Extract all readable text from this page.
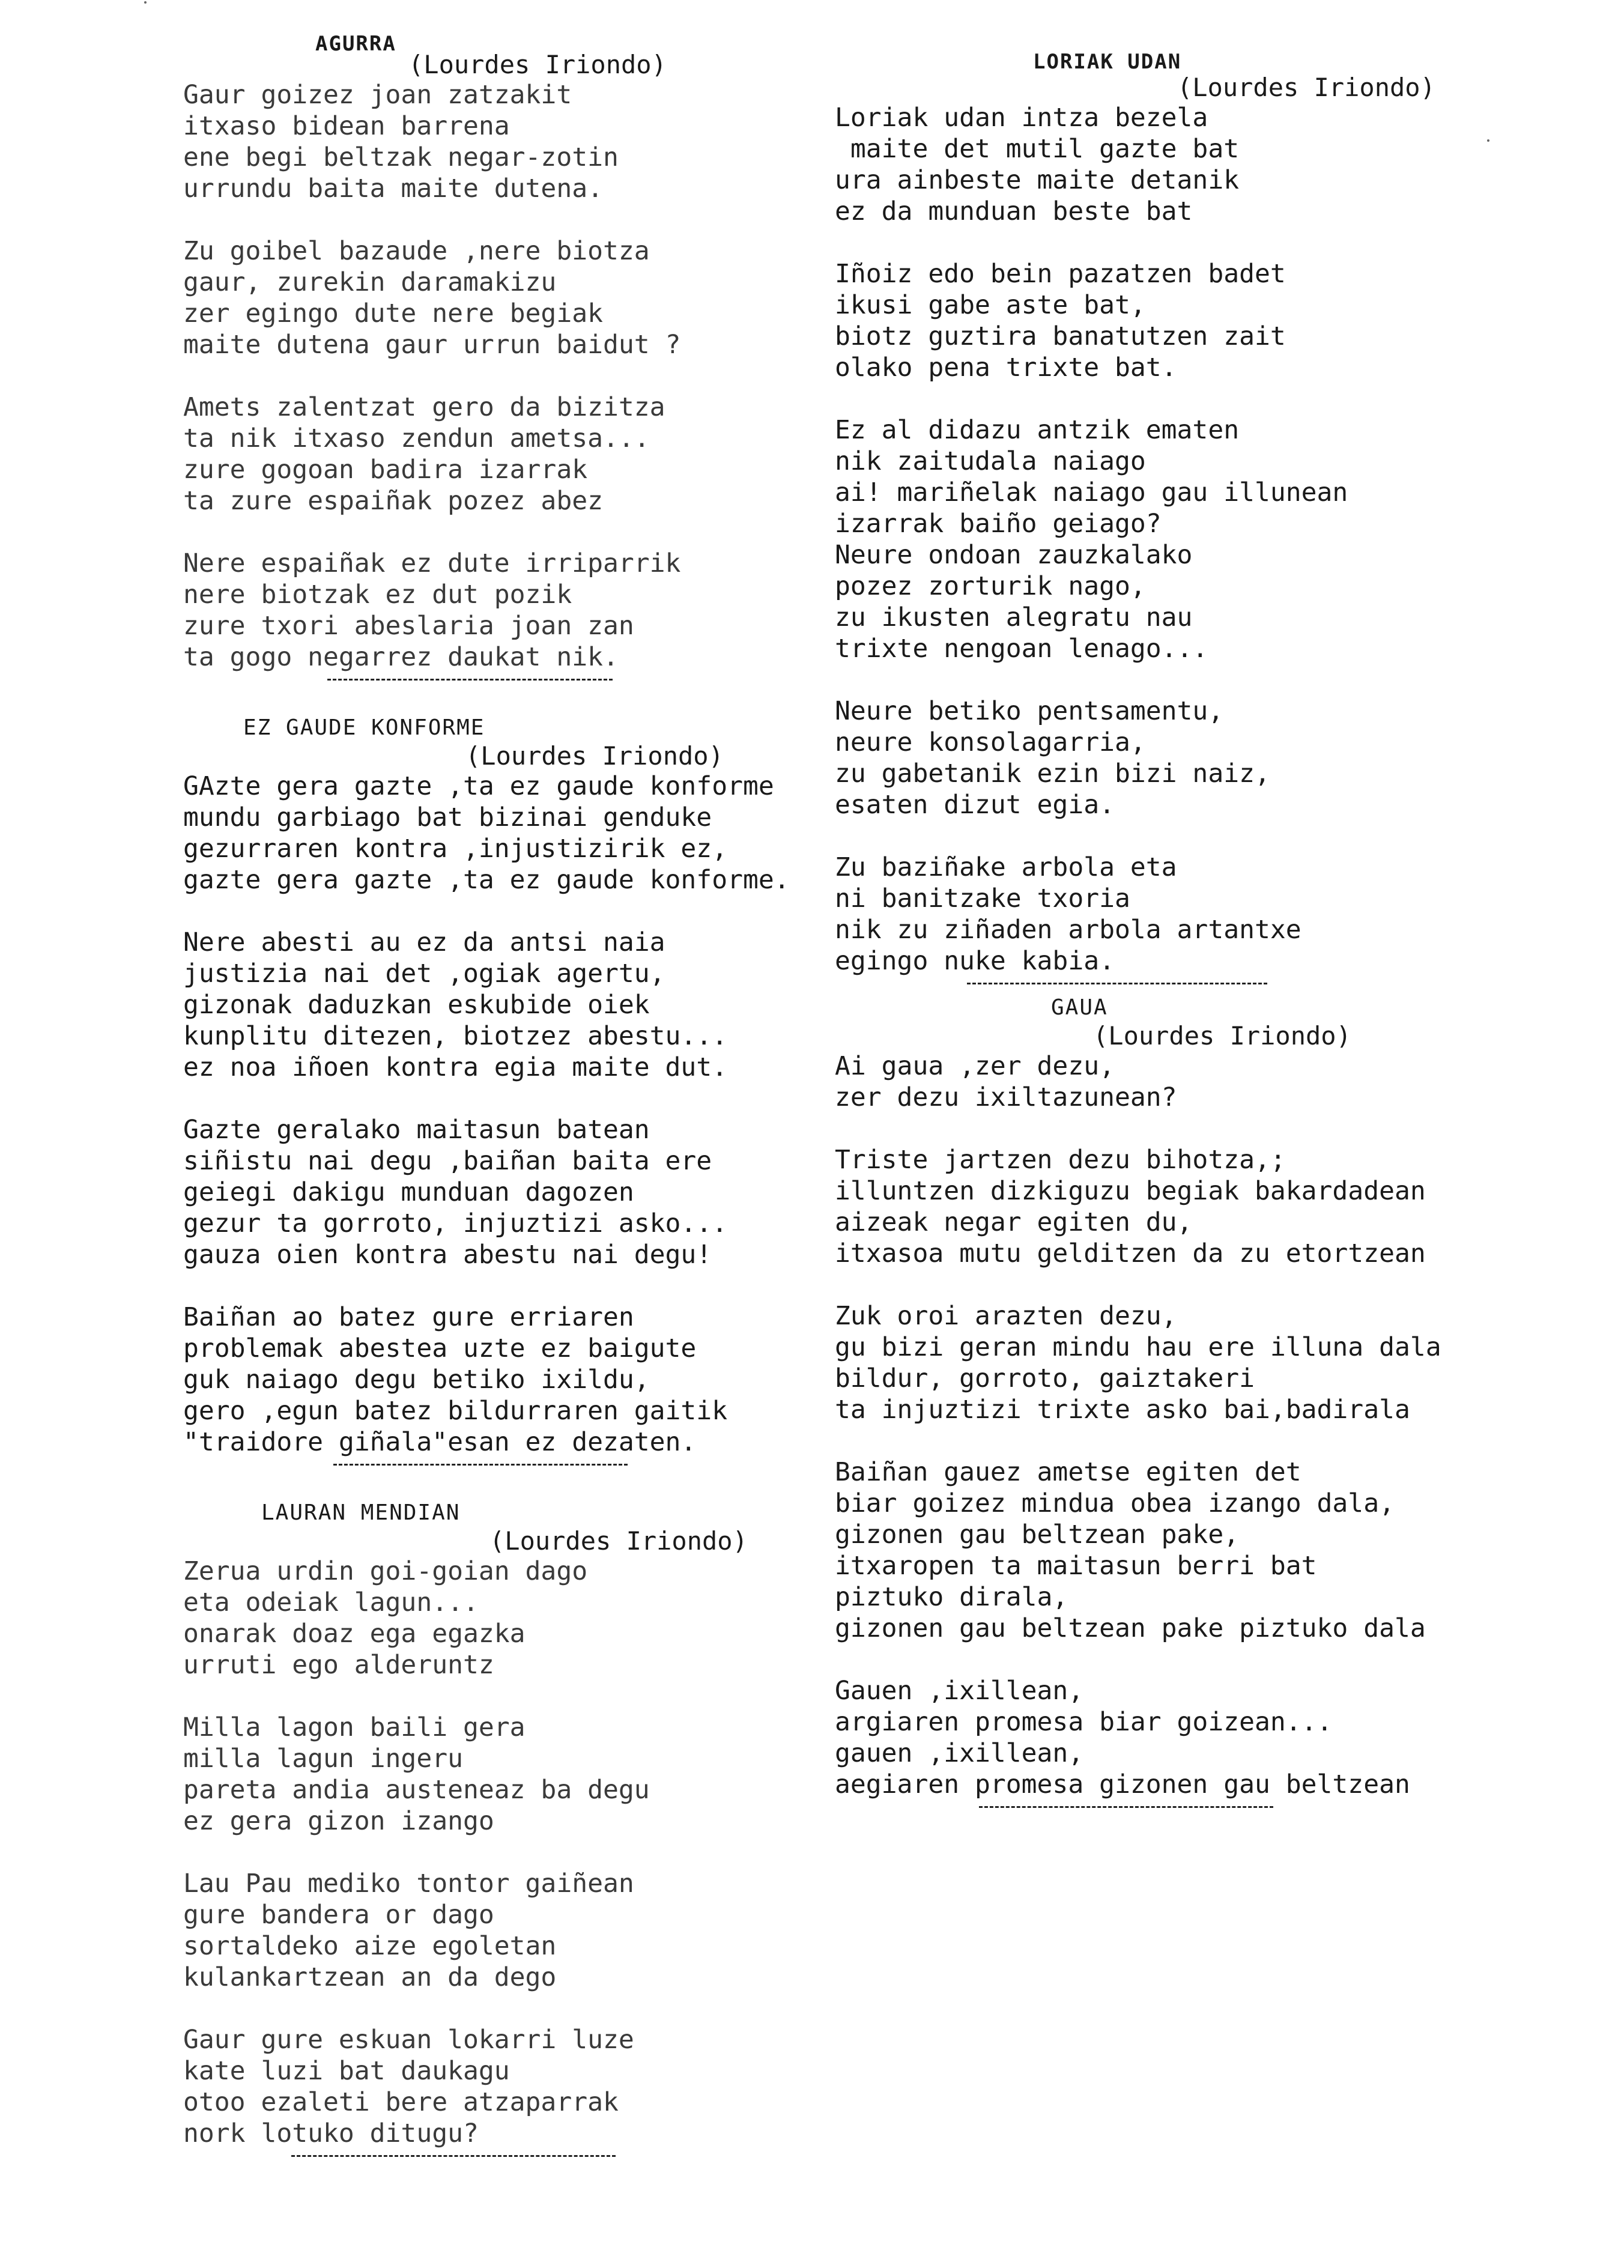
AGURRA
(Lourdes Iriondo)
Gaur goizez joan zatzakit
itxaso bidean barrena
ene begi beltzak negar-zotin
urrundu baita maite dutena.
Zu goibel bazaude ,nere biotza
gaur, zurekin daramakizu
zer egingo dute nere begiak
maite dutena gaur urrun baidut ?
Amets zalentzat gero da bizitza
ta nik itxaso zendun ametsa...
zure gogoan badira izarrak
ta zure espaiñak pozez abez
Nere espaiñak ez dute irriparrik
nere biotzak ez dut pozik
zure txori abeslaria joan zan
ta gogo negarrez daukat nik.
EZ GAUDE KONFORME
(Lourdes Iriondo)
GAzte gera gazte ,ta ez gaude konforme
mundu garbiago bat bizinai genduke
gezurraren kontra ,injustizirik ez,
gazte gera gazte ,ta ez gaude konforme.
Nere abesti au ez da antsi naia
justizia nai det ,ogiak agertu,
gizonak daduzkan eskubide oiek
kunplitu ditezen, biotzez abestu...
ez noa iñoen kontra egia maite dut.
Gazte geralako maitasun batean
siñistu nai degu ,baiñan baita ere
geiegi dakigu munduan dagozen
gezur ta gorroto, injuztizi asko...
gauza oien kontra abestu nai degu!
Baiñan ao batez gure erriaren
problemak abestea uzte ez baigute
guk naiago degu betiko ixildu,
gero ,egun batez bildurraren gaitik
"traidore giñala"esan ez dezaten.
LAURAN MENDIAN
(Lourdes Iriondo)
Zerua urdin goi-goian dago
eta odeiak lagun...
onarak doaz ega egazka
urruti ego alderuntz
Milla lagon baili gera
milla lagun ingeru
pareta andia austeneaz ba degu
ez gera gizon izango
Lau Pau mediko tontor gaiñean
gure bandera or dago
sortaldeko aize egoletan
kulankartzean an da dego
Gaur gure eskuan lokarri luze
kate luzi bat daukagu
otoo ezaleti bere atzaparrak
nork lotuko ditugu?
LORIAK UDAN
(Lourdes Iriondo)
Loriak udan intza bezela
maite det mutil gazte bat
ura ainbeste maite detanik
ez da munduan beste bat
Iñoiz edo bein pazatzen badet
ikusi gabe aste bat,
biotz guztira banatutzen zait
olako pena trixte bat.
Ez al didazu antzik ematen
nik zaitudala naiago
ai! mariñelak naiago gau illunean
izarrak baiño geiago?
Neure ondoan zauzkalako
pozez zorturik nago,
zu ikusten alegratu nau
trixte nengoan lenago...
Neure betiko pentsamentu,
neure konsolagarria,
zu gabetanik ezin bizi naiz,
esaten dizut egia.
Zu baziñake arbola eta
ni banitzake txoria
nik zu ziñaden arbola artantxe
egingo nuke kabia.
GAUA
(Lourdes Iriondo)
Ai gaua ,zer dezu,
zer dezu ixiltazunean?
Triste jartzen dezu bihotza,;
illuntzen dizkiguzu begiak bakardadean
aizeak negar egiten du,
itxasoa mutu gelditzen da zu etortzean
Zuk oroi arazten dezu,
gu bizi geran mindu hau ere illuna dala
bildur, gorroto, gaiztakeri
ta injuztizi trixte asko bai,badirala
Baiñan gauez ametse egiten det
biar goizez mindua obea izango dala,
gizonen gau beltzean pake,
itxaropen ta maitasun berri bat
piztuko dirala,
gizonen gau beltzean pake piztuko dala
Gauen ,ixillean,
argiaren promesa biar goizean...
gauen ,ixillean,
aegiaren promesa gizonen gau beltzean
